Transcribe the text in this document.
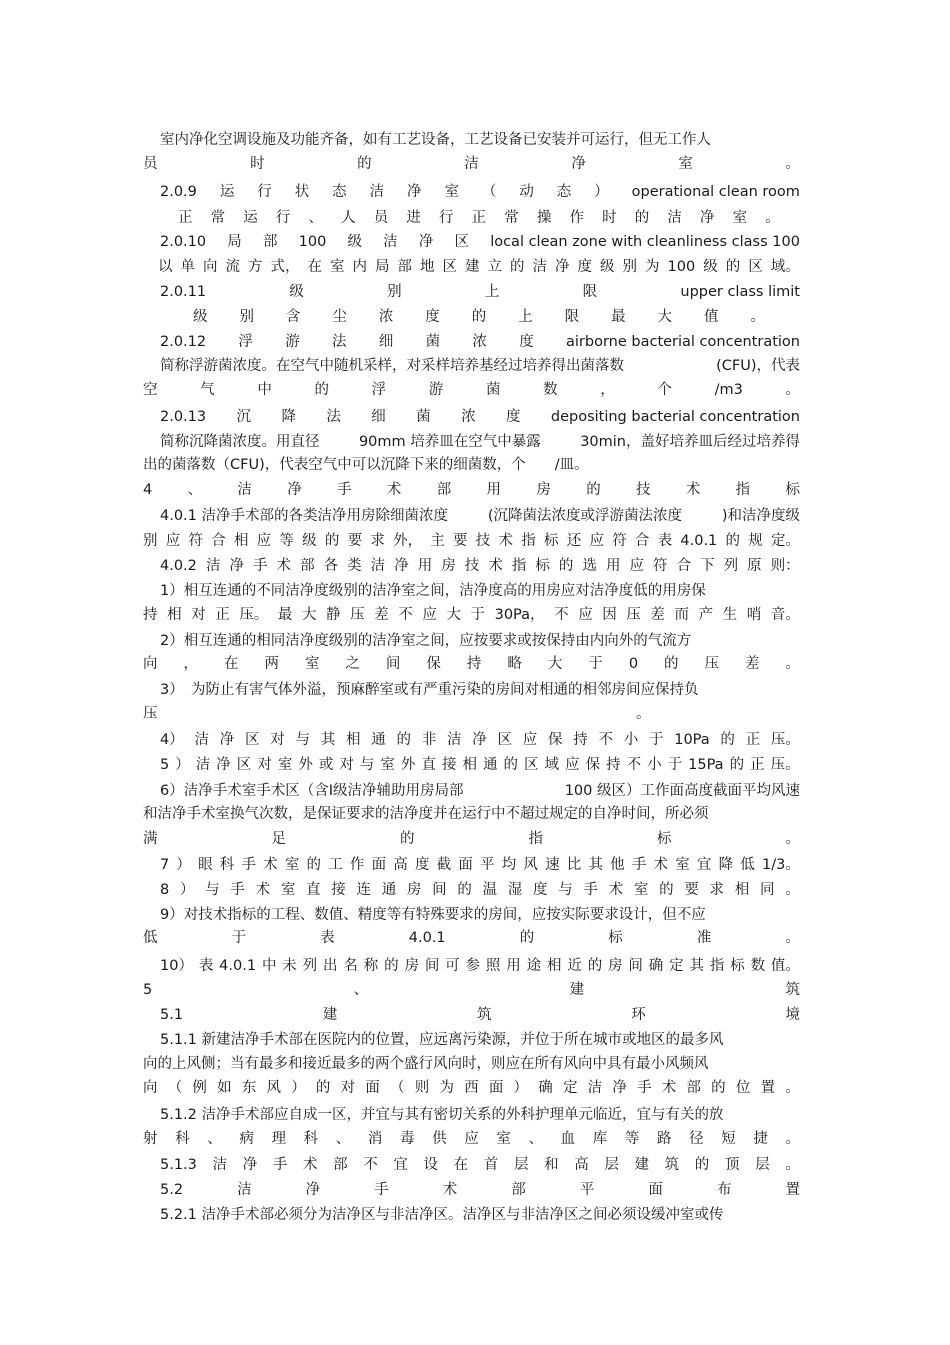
室内净化空调设施及功能齐备，如有工艺设备，工艺设备已安装并可运行，但无工作人
员	时	的	洁	净	室	。
2.0.9 运 行 状 态 洁 净 室 （ 动 态 ） operational clean room
正 常 运 行 、 人 员 进 行 正 常 操 作 时 的 洁 净 室 。
2.0.10 局 部 100 级 洁 净 区 local clean zone with cleanliness class 100
以 单 向 流 方 式， 在 室 内 局 部 地 区 建 立 的 洁 净 度 级 别 为 100 级 的 区 域。
2.0.11	级	别	上	限	upper class limit
级 别 含 尘 浓 度 的 上 限 最 大 值 。
2.0.12 浮 游 法 细 菌 浓 度 airborne bacterial concentration
简称浮游菌浓度。在空气中随机采样，对采样培养基经过培养得出菌落数	(CFU)，代表
空	气	中	的	浮	游	菌	数	，	个	/m3	。
2.0.13 沉 降 法 细 菌 浓 度 depositing bacterial concentration
简称沉降菌浓度。用直径	90mm 培养皿在空气中暴露	30min，盖好培养皿后经过培养得
出的菌落数（CFU)，代表空气中可以沉降下来的细菌数，个　　/皿。
4 、 洁 净 手 术 部 用 房 的 技 术 指 标
4.0.1 洁净手术部的各类洁净用房除细菌浓度	(沉降菌法浓度或浮游菌法浓度	)和洁净度级
别 应 符 合 相 应 等 级 的 要 求 外， 主 要 技 术 指 标 还 应 符 合 表 4.0.1 的 规 定。
4.0.2 洁 净 手 术 部 各 类 洁 净 用 房 技 术 指 标 的 选 用 应 符 合 下 列 原 则：
1）相互连通的不同洁净度级别的洁净室之间，洁净度高的用房应对洁净度低的用房保
持 相 对 正 压。 最 大 静 压 差 不 应 大 于 30Pa， 不 应 因 压 差 而 产 生 哨 音。
2）相互连通的相同洁净度级别的洁净室之间，应按要求或按保持由内向外的气流方
向 ， 在 两 室 之 间 保 持 略 大 于 0 的 压 差 。
3）　为防止有害气体外溢，预麻醉室或有严重污染的房间对相通的相邻房间应保持负
压　　　　　　　　　　　　　　　　　　　　　　　　　　　　　　　　　。
4） 洁 净 区 对 与 其 相 通 的 非 洁 净 区 应 保 持 不 小 于 10Pa 的 正 压。
5 ） 洁 净 区 对 室 外 或 对 与 室 外 直 接 相 通 的 区 域 应 保 持 不 小 于 15Pa 的 正 压。
6）洁净手术室手术区（含Ⅰ级洁净辅助用房局部	100 级区）工作面高度截面平均风速
和洁净手术室换气次数，是保证要求的洁净度并在运行中不超过规定的自净时间，所必须
满	足	的	指	标	。
7 ） 眼 科 手 术 室 的 工 作 面 高 度 截 面 平 均 风 速 比 其 他 手 术 室 宜 降 低 1/3。
8 ） 与 手 术 室 直 接 连 通 房 间 的 温 湿 度 与 手 术 室 的 要 求 相 同 。
9）对技术指标的工程、数值、精度等有特殊要求的房间，应按实际要求设计，但不应
低	于	表	4.0.1	的	标	准	。
10） 表 4.0.1 中 未 列 出 名 称 的 房 间 可 参 照 用 途 相 近 的 房 间 确 定 其 指 标 数 值。
5	、	建	筑
5.1	建	筑	环	境
5.1.1 新建洁净手术部在医院内的位置，应远离污染源，并位于所在城市或地区的最多风
向的上风侧；当有最多和接近最多的两个盛行风向时，则应在所有风向中具有最小风频风
向 （ 例 如 东 风 ） 的 对 面 （ 则 为 西 面 ） 确 定 洁 净 手 术 部 的 位 置 。
5.1.2 洁净手术部应自成一区，并宜与其有密切关系的外科护理单元临近，宜与有关的放
射 科 、 病 理 科 、 消 毒 供 应 室 、 血 库 等 路 径 短 捷 。
5.1.3 洁 净 手 术 部 不 宜 设 在 首 层 和 高 层 建 筑 的 顶 层 。
5.2	洁	净	手	术	部	平	面	布	置
5.2.1 洁净手术部必须分为洁净区与非洁净区。洁净区与非洁净区之间必须设缓冲室或传
